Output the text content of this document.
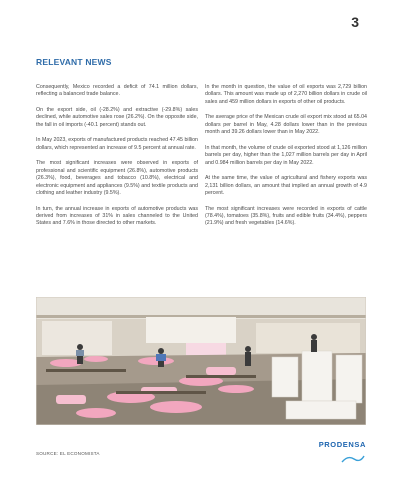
3
RELEVANT NEWS

Consequently, Mexico recorded a deficit of 74.1 million dollars, reflecting a balanced trade balance.

On the export side, oil (-28.2%) and extractive (-29.8%) sales declined, while automotive sales rose (26.2%). On the opposite side, the fall in oil imports (-40.1 percent) stands out.

In May 2023, exports of manufactured products reached 47.45 billion dollars, which represented an increase of 9.5 percent at annual rate.

The most significant increases were observed in exports of professional and scientific equipment (26.8%), automotive products (26.3%), food, beverages and tobacco (10.8%), electrical and electronic equipment and appliances (9.5%) and textile products and clothing and leather industry (9.5%).

In turn, the annual increase in exports of automotive products was derived from increases of 31% in sales channeled to the United States and 7.6% in those directed to other markets.

In the month in question, the value of oil exports was 2,729 billion dollars. This amount was made up of 2,270 billion dollars in crude oil sales and 459 million dollars in exports of other oil products.

The average price of the Mexican crude oil export mix stood at 65.04 dollars per barrel in May, 4.28 dollars lower than in the previous month and 39.26 dollars lower than in May 2022.

In that month, the volume of crude oil exported stood at 1,126 million barrels per day, higher than the 1,027 million barrels per day in April and 0.984 million barrels per day in May 2022.

At the same time, the value of agricultural and fishery exports was 2,131 billion dollars, an amount that implied an annual growth of 4.9 percent.

The most significant increases were recorded in exports of cattle (78.4%), tomatoes (35.8%), fruits and edible fruits (34.4%), peppers (21.9%) and fresh vegetables (14.6%).

SOURCE: EL ECONOMISTA
PRODENSA
